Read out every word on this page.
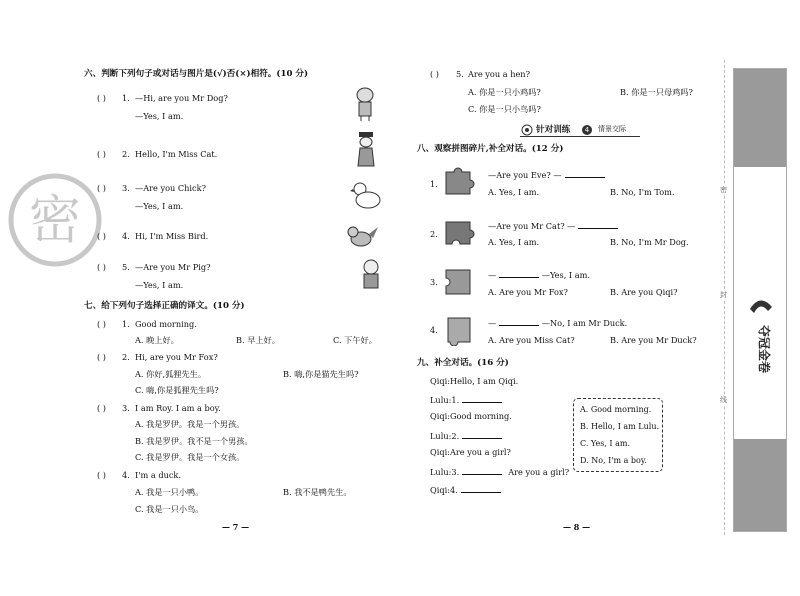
密
六、判断下列句子或对话与图片是(√)否(×)相符。(10 分)
( ) 1. —Hi, are you Mr Dog?
—Yes, I am.
( ) 2. Hello, I'm Miss Cat.
( ) 3. —Are you Chick?
—Yes, I am.
( ) 4. Hi, I'm Miss Bird.
( ) 5. —Are you Mr Pig?
—Yes, I am.
七、给下列句子选择正确的译文。(10 分)
( ) 1. Good morning.
A. 晚上好。	B. 早上好。	C. 下午好。
( ) 2. Hi, are you Mr Fox?
A. 你好,狐狸先生。	B. 嗨,你是猫先生吗?
C. 嗨,你是狐狸先生吗?
( ) 3. I am Roy. I am a boy.
A. 我是罗伊。我是一个男孩。
B. 我是罗伊。我不是一个男孩。
C. 我是罗伊。我是一个女孩。
( ) 4. I'm a duck.
A. 我是一只小鸭。	B. 我不是鸭先生。
C. 我是一只小鸟。
— 7 —
( ) 5. Are you a hen?
A. 你是一只小鸡吗?	B. 你是一只母鸡吗?
C. 你是一只小鸟吗?
针对训练	4	情景交际
八、观察拼图碎片,补全对话。(12 分)
1.
—Are you Eve? —
A. Yes, I am.	B. No, I'm Tom.
2.
—Are you Mr Cat? —
A. Yes, I am.	B. No, I'm Mr Dog.
3.
—	—Yes, I am.
A. Are you Mr Fox?	B. Are you Qiqi?
4.
—	—No, I am Mr Duck.
A. Are you Miss Cat?	B. Are you Mr Duck?
九、补全对话。(16 分)
Qiqi:Hello, I am Qiqi.
Lulu:1.
Qiqi:Good morning.
Lulu:2.
Qiqi:Are you a girl?
Lulu:3.	Are you a girl?
Qiqi:4.
A. Good morning.
B. Hello, I am Lulu.
C. Yes, I am.
D. No, I'm a boy.
— 8 —
密
封
线
夺冠金卷
